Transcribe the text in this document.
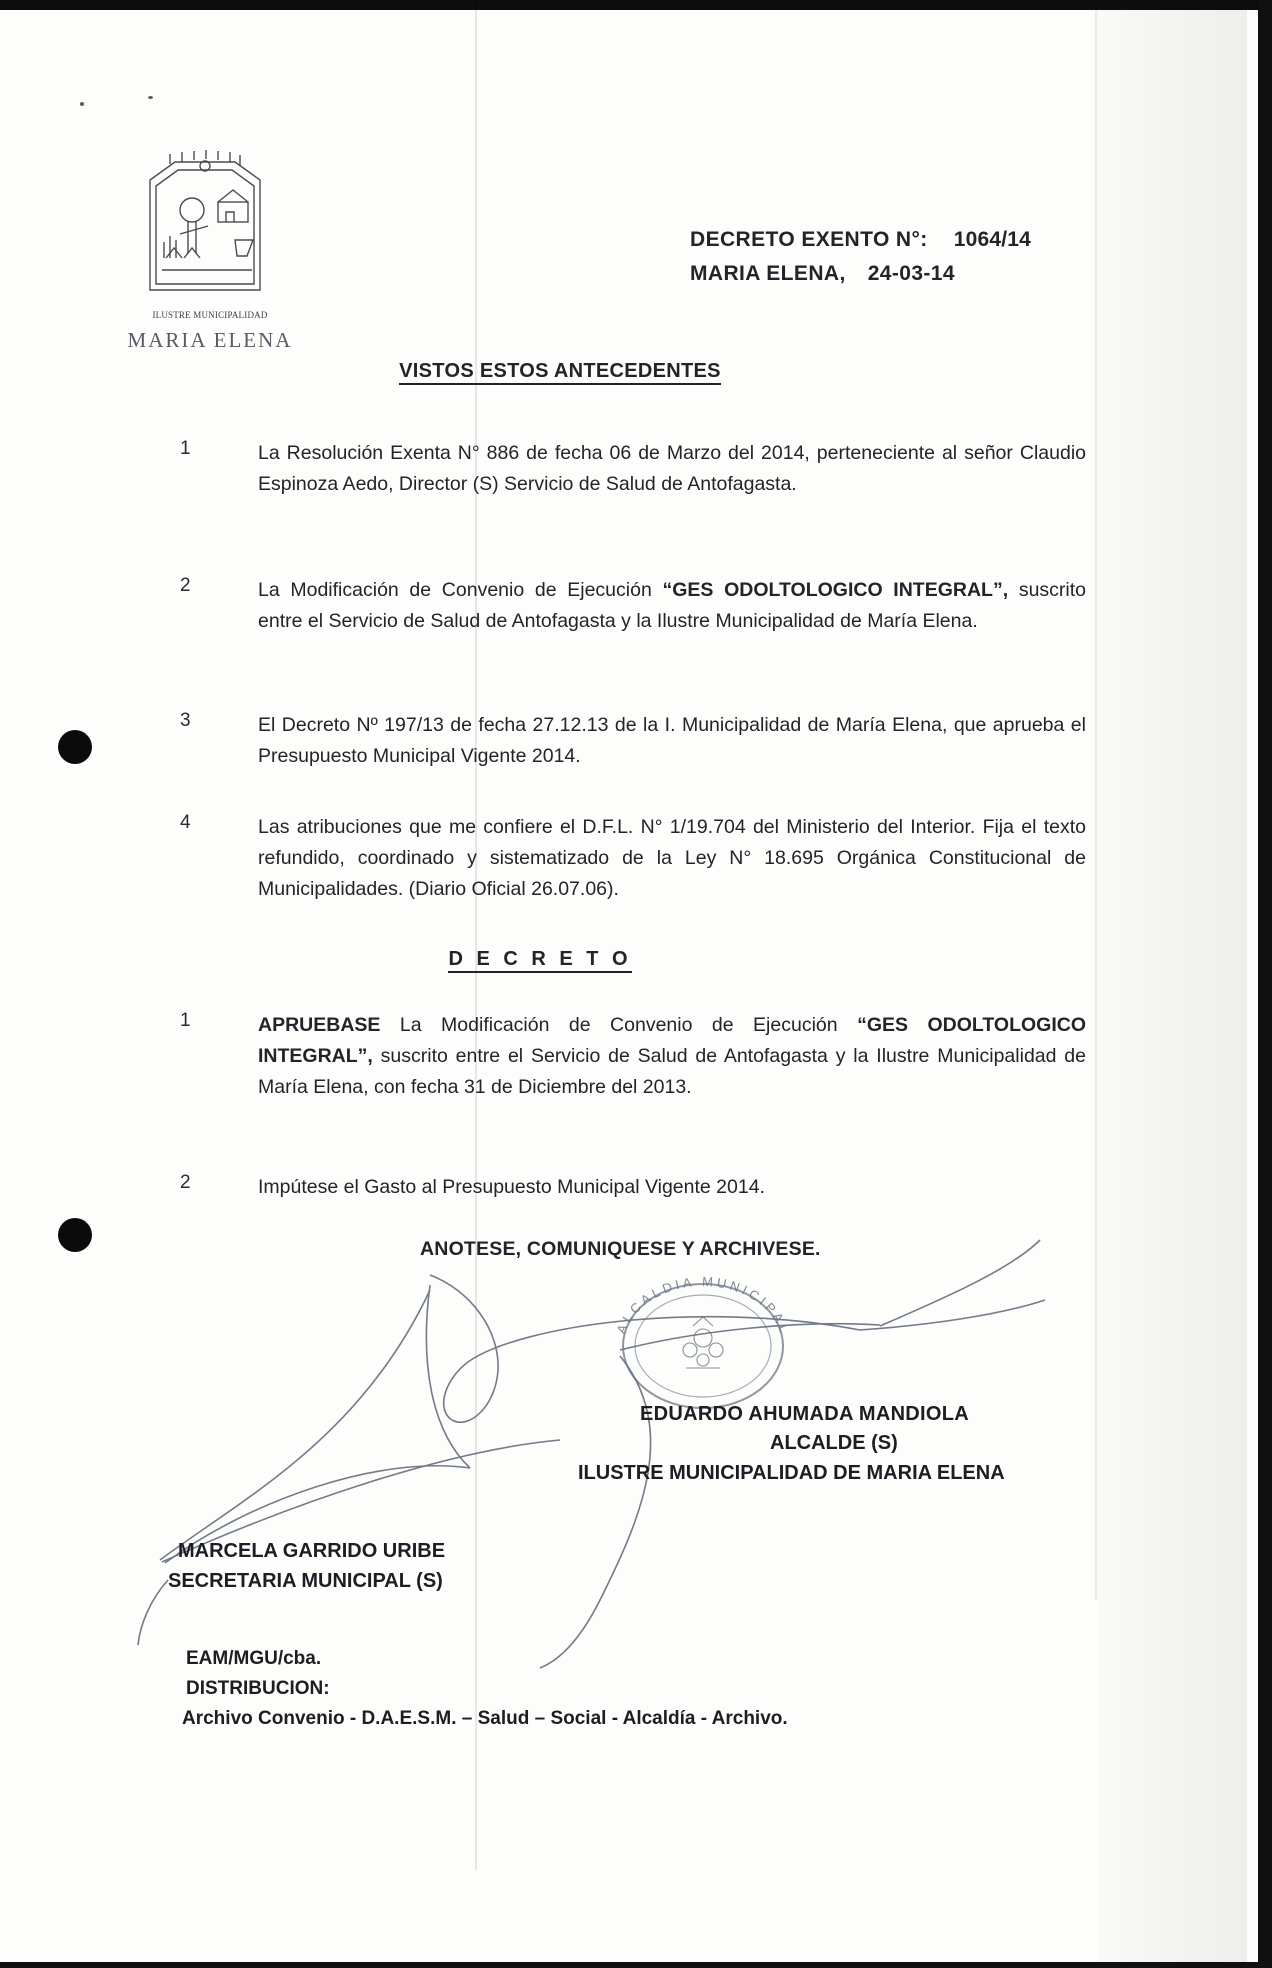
ILUSTRE MUNICIPALIDAD
MARIA ELENA
DECRETO EXENTO N°: 1064/14
MARIA ELENA, 24-03-14
VISTOS ESTOS ANTECEDENTES
1	La Resolución Exenta N° 886 de fecha 06 de Marzo del 2014, perteneciente al señor Claudio Espinoza Aedo, Director (S) Servicio de Salud de Antofagasta.
2	La Modificación de Convenio de Ejecución “GES ODOLTOLOGICO INTEGRAL”, suscrito entre el Servicio de Salud de Antofagasta y la Ilustre Municipalidad de María Elena.
3	El Decreto Nº 197/13 de fecha 27.12.13 de la I. Municipalidad de María Elena, que aprueba el Presupuesto Municipal Vigente 2014.
4	Las atribuciones que me confiere el D.F.L. N° 1/19.704 del Ministerio del Interior. Fija el texto refundido, coordinado y sistematizado de la Ley N° 18.695 Orgánica Constitucional de Municipalidades. (Diario Oficial 26.07.06).
D E C R E T O
1	APRUEBASE La Modificación de Convenio de Ejecución “GES ODOLTOLOGICO INTEGRAL”, suscrito entre el Servicio de Salud de Antofagasta y la Ilustre Municipalidad de María Elena, con fecha 31 de Diciembre del 2013.
2	Impútese el Gasto al Presupuesto Municipal Vigente 2014.
ANOTESE, COMUNIQUESE Y ARCHIVESE.
ALCALDIA MUNICIPAL
EDUARDO AHUMADA MANDIOLA
ALCALDE (S)
ILUSTRE MUNICIPALIDAD DE MARIA ELENA
MARCELA GARRIDO URIBE
SECRETARIA MUNICIPAL (S)
EAM/MGU/cba.
DISTRIBUCION:
Archivo Convenio - D.A.E.S.M. – Salud – Social - Alcaldía - Archivo.
